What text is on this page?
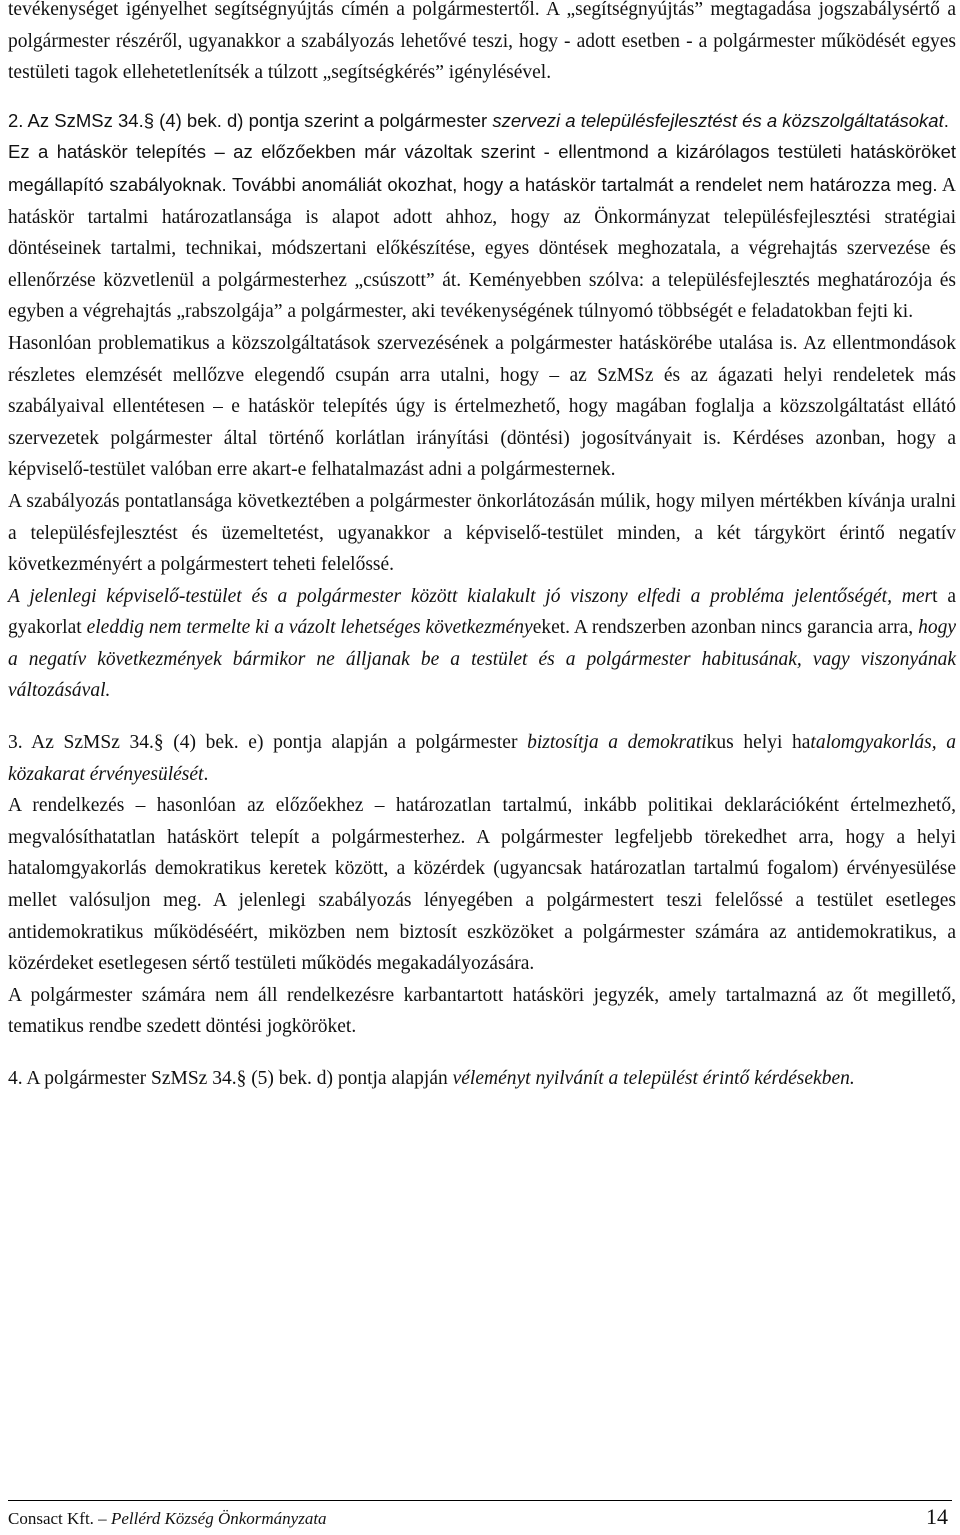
tevékenységet igényelhet segítségnyújtás címén a polgármestertől. A „segítségnyújtás” megtagadása jogszabálysértő a polgármester részéről, ugyanakkor a szabályozás lehetővé teszi, hogy - adott esetben - a polgármester működését egyes testületi tagok ellehetetlenítsék a túlzott „segítségkérés” igénylésével.

2. Az SzMSz 34.§ (4) bek. d) pontja szerint a polgármester szervezi a településfejlesztést és a közszolgáltatásokat.

Ez a hatáskör telepítés – az előzőekben már vázoltak szerint - ellentmond a kizárólagos testületi hatásköröket megállapító szabályoknak. További anomáliát okozhat, hogy a hatáskör tartalmát a rendelet nem határozza meg. A hatáskör tartalmi határozatlansága is alapot adott ahhoz, hogy az Önkormányzat településfejlesztési stratégiai döntéseinek tartalmi, technikai, módszertani előkészítése, egyes döntések meghozatala, a végrehajtás szervezése és ellenőrzése közvetlenül a polgármesterhez „csúszott” át. Keményebben szólva: a településfejlesztés meghatározója és egyben a végrehajtás „rabszolgája” a polgármester, aki tevékenységének túlnyomó többségét e feladatokban fejti ki.

Hasonlóan problematikus a közszolgáltatások szervezésének a polgármester hatáskörébe utalása is. Az ellentmondások részletes elemzését mellőzve elegendő csupán arra utalni, hogy – az SzMSz és az ágazati helyi rendeletek más szabályaival ellentétesen – e hatáskör telepítés úgy is értelmezhető, hogy magában foglalja a közszolgáltatást ellátó szervezetek polgármester által történő korlátlan irányítási (döntési) jogosítványait is. Kérdéses azonban, hogy a képviselő-testület valóban erre akart-e felhatalmazást adni a polgármesternek.

A szabályozás pontatlansága következtében a polgármester önkorlátozásán múlik, hogy milyen mértékben kívánja uralni a településfejlesztést és üzemeltetést, ugyanakkor a képviselő-testület minden, a két tárgykört érintő negatív következményért a polgármestert teheti felelőssé.

A jelenlegi képviselő-testület és a polgármester között kialakult jó viszony elfedi a probléma jelentőségét, mert a gyakorlat eleddig nem termelte ki a vázolt lehetséges következményeket. A rendszerben azonban nincs garancia arra, hogy a negatív következmények bármikor ne álljanak be a testület és a polgármester habitusának, vagy viszonyának változásával.

3. Az SzMSz 34.§ (4) bek. e) pontja alapján a polgármester biztosítja a demokratikus helyi hatalomgyakorlás, a közakarat érvényesülését.

A rendelkezés – hasonlóan az előzőekhez – határozatlan tartalmú, inkább politikai deklarációként értelmezhető, megvalósíthatatlan hatáskört telepít a polgármesterhez. A polgármester legfeljebb törekedhet arra, hogy a helyi hatalomgyakorlás demokratikus keretek között, a közérdek (ugyancsak határozatlan tartalmú fogalom) érvényesülése mellet valósuljon meg. A jelenlegi szabályozás lényegében a polgármestert teszi felelőssé a testület esetleges antidemokratikus működéséért, miközben nem biztosít eszközöket a polgármester számára az antidemokratikus, a közérdeket esetlegesen sértő testületi működés megakadályozására.

A polgármester számára nem áll rendelkezésre karbantartott hatásköri jegyzék, amely tartalmazná az őt megillető, tematikus rendbe szedett döntési jogköröket.

4. A polgármester SzMSz 34.§ (5) bek. d) pontja alapján véleményt nyilvánít a települést érintő kérdésekben.

Consact Kft. – Pellérd Község Önkormányzata	14
